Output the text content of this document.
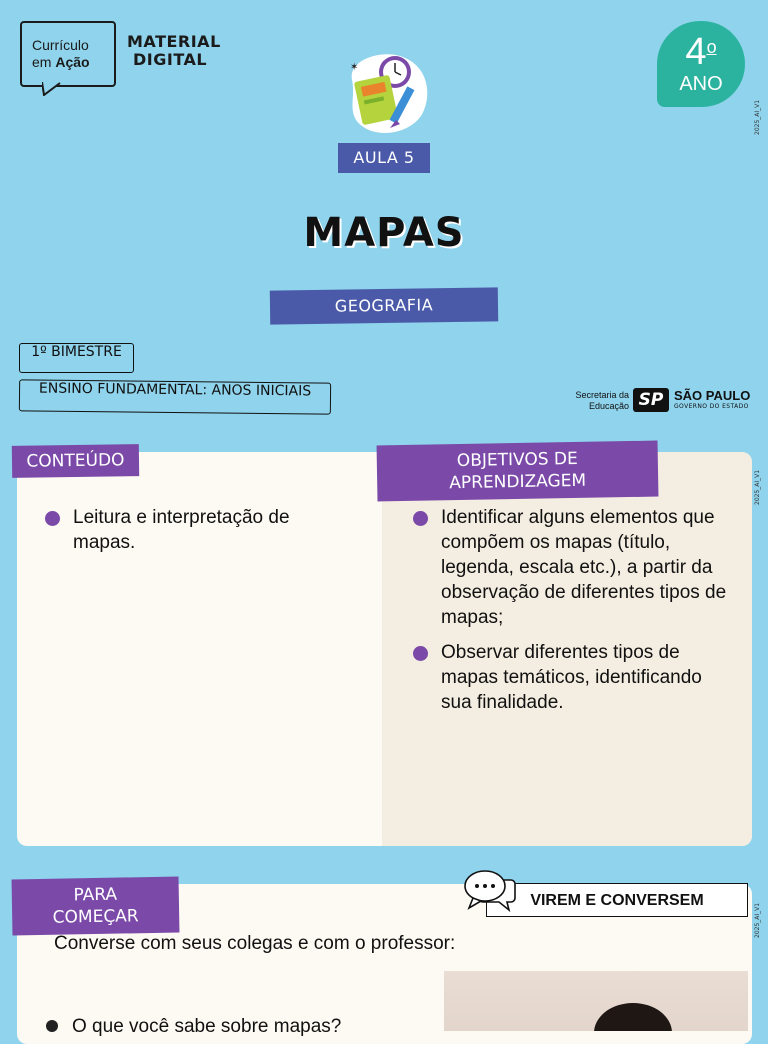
Currículo
em Ação
MATERIAL
DIGITAL	4$^o$
ANO
2025_AI_V1
2025_AI_V1
2025_AI_V1
✶
AULA 5
MAPAS
GEOGRAFIA
1º BIMESTRE
ENSINO FUNDAMENTAL: ANOS INICIAIS	Secretaria da
Educação SP SÃO PAULO
GOVERNO DO ESTADO
CONTEÚDO	OBJETIVOS DE
APRENDIZAGEM
Leitura e interpretação de mapas.
Identificar alguns elementos que compõem os mapas (título, legenda, escala etc.), a partir da observação de diferentes tipos de mapas;
Observar diferentes tipos de mapas temáticos, identificando sua finalidade.
PARA
COMEÇAR
VIREM E CONVERSEM
Converse com seus colegas e com o professor:
O que você sabe sobre mapas?
